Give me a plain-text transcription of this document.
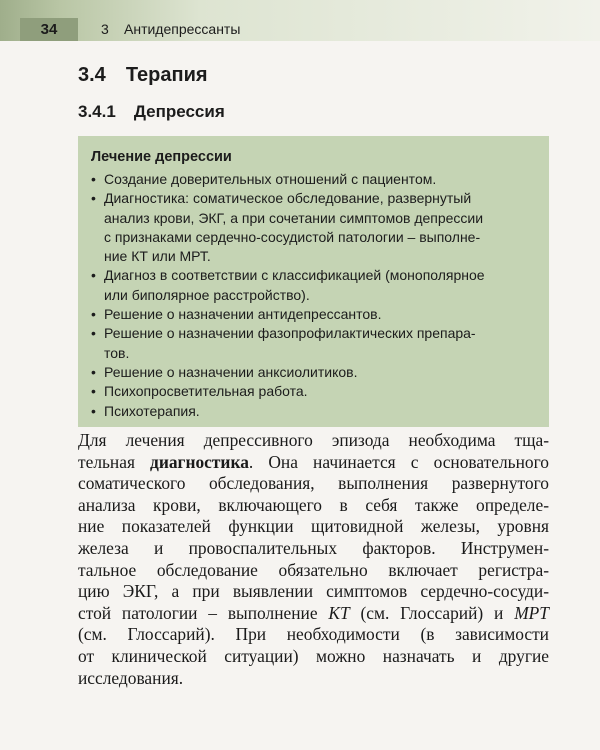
34	3 Антидепрессанты
3.4 Терапия
3.4.1 Депрессия
Лечение депрессии
• Создание доверительных отношений с пациентом.
• Диагностика: соматическое обследование, развернутый
анализ крови, ЭКГ, а при сочетании симптомов депрессии
с признаками сердечно-сосудистой патологии – выполне-
ние КТ или МРТ.
• Диагноз в соответствии с классификацией (монополярное
или биполярное расстройство).
• Решение о назначении антидепрессантов.
• Решение о назначении фазопрофилактических препара-
тов.
• Решение о назначении анксиолитиков.
• Психопросветительная работа.
• Психотерапия.
Для лечения депрессивного эпизода необходима тща-
тельная диагностика. Она начинается с основательного
соматического обследования, выполнения развернутого
анализа крови, включающего в себя также определе-
ние показателей функции щитовидной железы, уровня
железа и провоспалительных факторов. Инструмен-
тальное обследование обязательно включает регистра-
цию ЭКГ, а при выявлении симптомов сердечно-сосуди-
стой патологии – выполнение КТ (см. Глоссарий) и МРТ
(см. Глоссарий). При необходимости (в зависимости
от клинической ситуации) можно назначать и другие
исследования.
